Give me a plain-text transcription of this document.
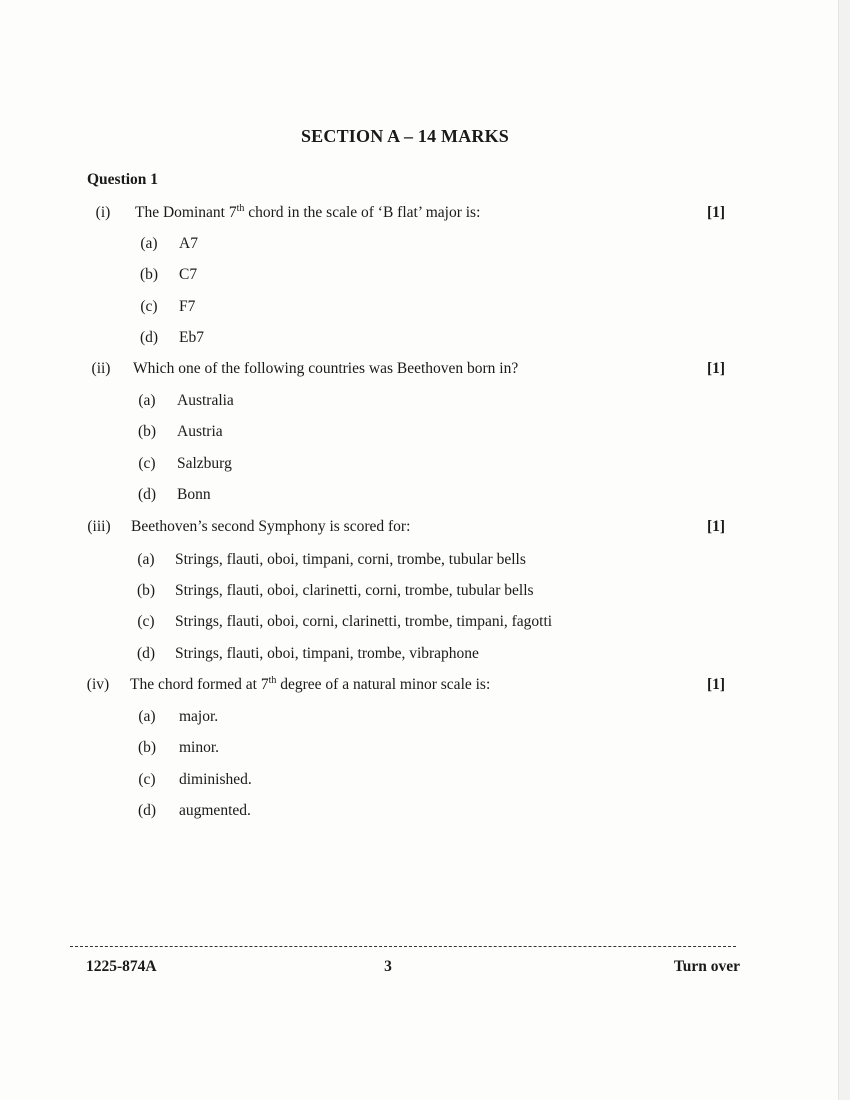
SECTION A – 14 MARKS
Question 1
(i)	The Dominant 7th chord in the scale of ‘B flat’ major is:	[1]
(a)	A7
(b)	C7
(c)	F7
(d)	Eb7
(ii)	Which one of the following countries was Beethoven born in?	[1]
(a)	Australia
(b)	Austria
(c)	Salzburg
(d)	Bonn
(iii)	Beethoven’s second Symphony is scored for:	[1]
(a)	Strings, flauti, oboi, timpani, corni, trombe, tubular bells
(b)	Strings, flauti, oboi, clarinetti, corni, trombe, tubular bells
(c)	Strings, flauti, oboi, corni, clarinetti, trombe, timpani, fagotti
(d)	Strings, flauti, oboi, timpani, trombe, vibraphone
(iv)	The chord formed at 7th degree of a natural minor scale is:	[1]
(a)	major.
(b)	minor.
(c)	diminished.
(d)	augmented.
1225-874A	3	Turn over
